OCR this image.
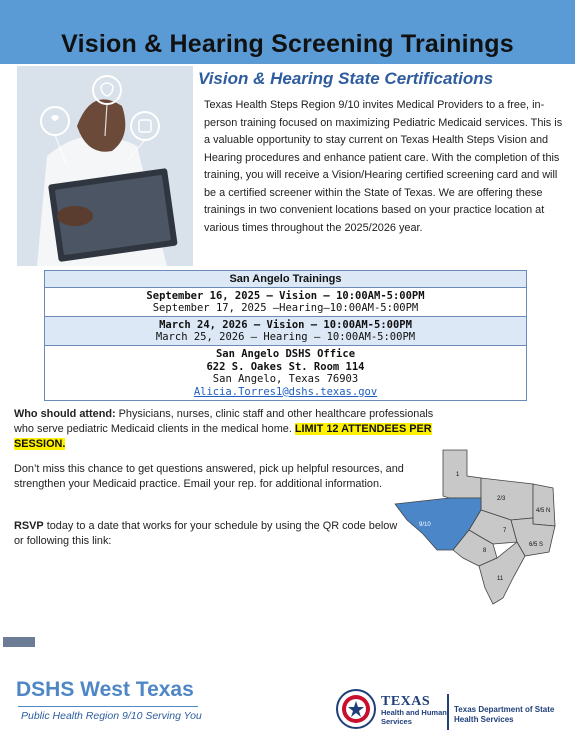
Vision & Hearing Screening Trainings
Vision & Hearing State Certifications

Texas Health Steps Region 9/10 invites Medical Providers to a free, in-person training focused on maximizing Pediatric Medicaid services. This is a valuable opportunity to stay current on Texas Health Steps Vision and Hearing procedures and enhance patient care. With the completion of this training, you will receive a Vision/Hearing certified screening card and will be a certified screener within the State of Texas. We are offering these trainings in two convenient locations based on your practice location at various times throughout the 2025/2026 year.

San Angelo Trainings
September 16, 2025 – Vision – 10:00AM-5:00PM
September 17, 2025 –Hearing–10:00AM-5:00PM
March 24, 2026 – Vision – 10:00AM-5:00PM
March 25, 2026 – Hearing – 10:00AM-5:00PM
San Angelo DSHS Office
622 S. Oakes St. Room 114
San Angelo, Texas 76903
Alicia.Torres1@dshs.texas.gov

Who should attend: Physicians, nurses, clinic staff and other healthcare professionals who serve pediatric Medicaid clients in the medical home. LIMIT 12 ATTENDEES PER SESSION.

Don’t miss this chance to get questions answered, pick up helpful resources, and strengthen your Medicaid practice. Email your rep. for additional information.

RSVP today to a date that works for your schedule by using the QR code below or following this link:

1
2/3
4/5 N
9/10
7
6/5 S
8
11
DSHS West Texas
Public Health Region 9/10 Serving You
TEXAS
Health and Human
Services
Texas Department of State
Health Services
